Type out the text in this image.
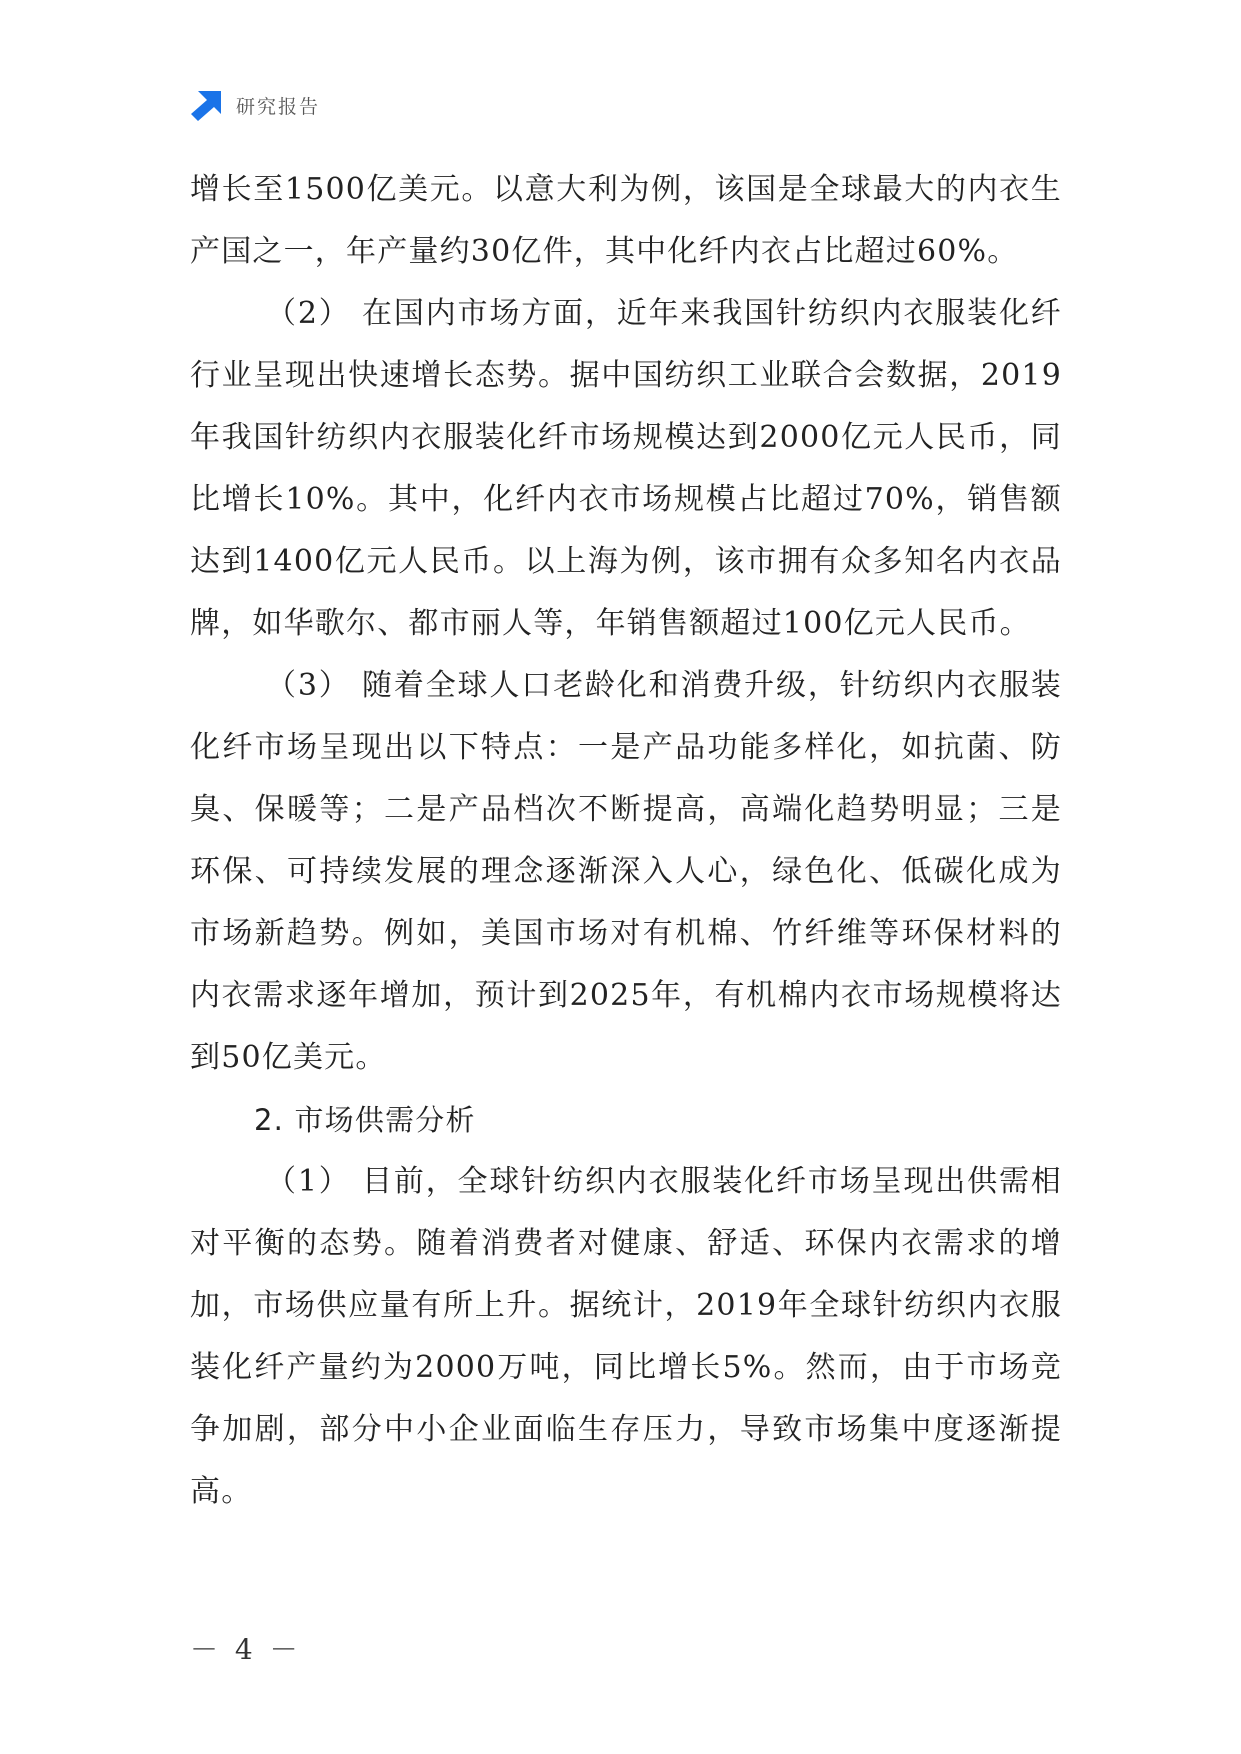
研究报告

增长至1500亿美元。以意大利为例，该国是全球最大的内衣生产国之一，年产量约30亿件，其中化纤内衣占比超过60%。

（2） 在国内市场方面，近年来我国针纺织内衣服装化纤行业呈现出快速增长态势。据中国纺织工业联合会数据，2019年我国针纺织内衣服装化纤市场规模达到2000亿元人民币，同比增长10%。其中，化纤内衣市场规模占比超过70%，销售额达到1400亿元人民币。以上海为例，该市拥有众多知名内衣品牌，如华歌尔、都市丽人等，年销售额超过100亿元人民币。

（3） 随着全球人口老龄化和消费升级，针纺织内衣服装化纤市场呈现出以下特点：一是产品功能多样化，如抗菌、防臭、保暖等；二是产品档次不断提高，高端化趋势明显；三是环保、可持续发展的理念逐渐深入人心，绿色化、低碳化成为市场新趋势。例如，美国市场对有机棉、竹纤维等环保材料的内衣需求逐年增加，预计到2025年，有机棉内衣市场规模将达到50亿美元。

2. 市场供需分析

（1） 目前，全球针纺织内衣服装化纤市场呈现出供需相对平衡的态势。随着消费者对健康、舒适、环保内衣需求的增加，市场供应量有所上升。据统计，2019年全球针纺织内衣服装化纤产量约为2000万吨，同比增长5%。然而，由于市场竞争加剧，部分中小企业面临生存压力，导致市场集中度逐渐提高。

－ 4 －
